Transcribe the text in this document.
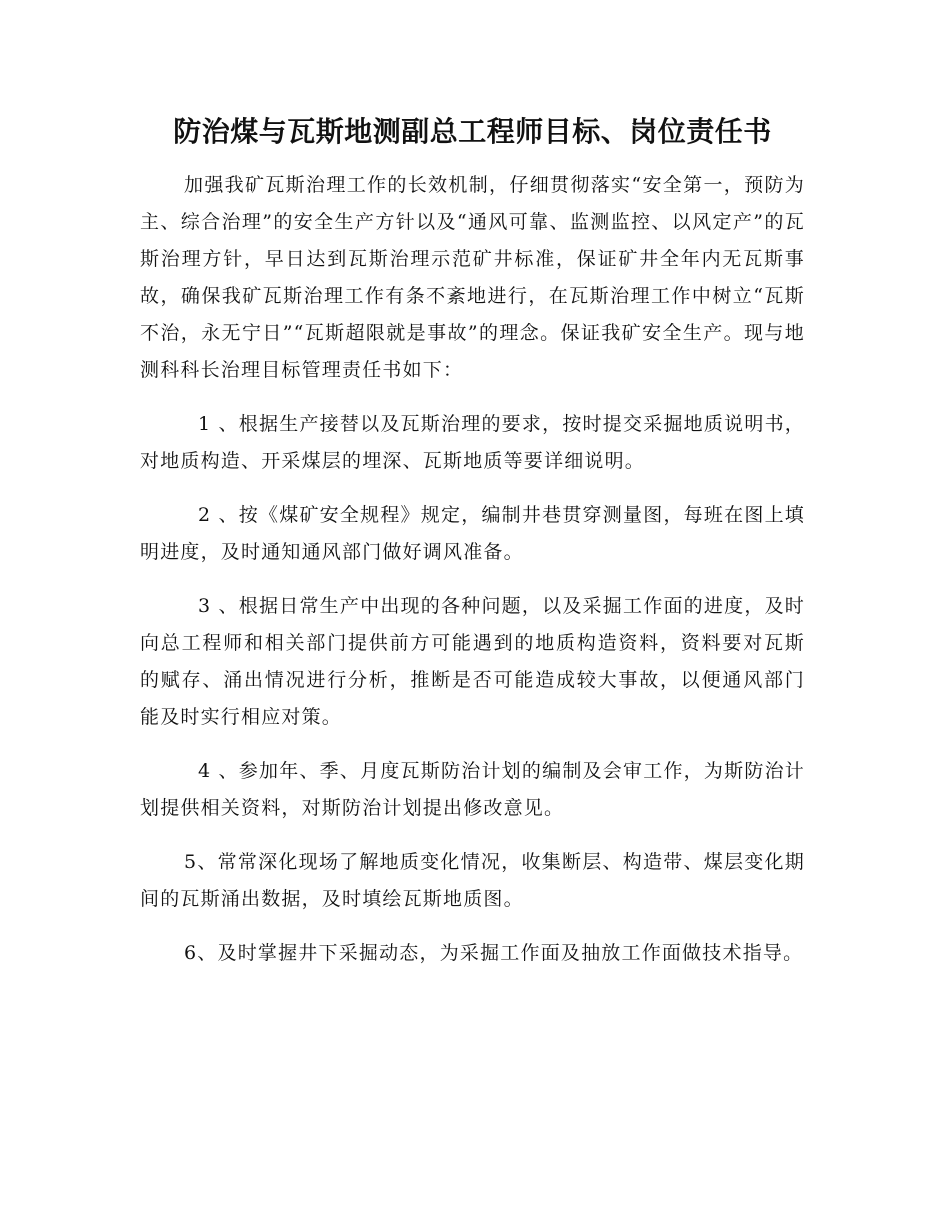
防治煤与瓦斯地测副总工程师目标、岗位责任书

加强我矿瓦斯治理工作的长效机制，仔细贯彻落实“安全第一，预防为主、综合治理”的安全生产方针以及“通风可靠、监测监控、以风定产”的瓦斯治理方针，早日达到瓦斯治理示范矿井标准，保证矿井全年内无瓦斯事故，确保我矿瓦斯治理工作有条不紊地进行，在瓦斯治理工作中树立“瓦斯不治，永无宁日”“瓦斯超限就是事故”的理念。保证我矿安全生产。现与地测科科长治理目标管理责任书如下：

1 、根据生产接替以及瓦斯治理的要求，按时提交采掘地质说明书，对地质构造、开采煤层的埋深、瓦斯地质等要详细说明。

2 、按《煤矿安全规程》规定，编制井巷贯穿测量图，每班在图上填明进度，及时通知通风部门做好调风准备。

3 、根据日常生产中出现的各种问题，以及采掘工作面的进度，及时向总工程师和相关部门提供前方可能遇到的地质构造资料，资料要对瓦斯的赋存、涌出情况进行分析，推断是否可能造成较大事故，以便通风部门能及时实行相应对策。

4 、参加年、季、月度瓦斯防治计划的编制及会审工作，为斯防治计划提供相关资料，对斯防治计划提出修改意见。

5、常常深化现场了解地质变化情况，收集断层、构造带、煤层变化期间的瓦斯涌出数据，及时填绘瓦斯地质图。

6、及时掌握井下采掘动态，为采掘工作面及抽放工作面做技术指导。
